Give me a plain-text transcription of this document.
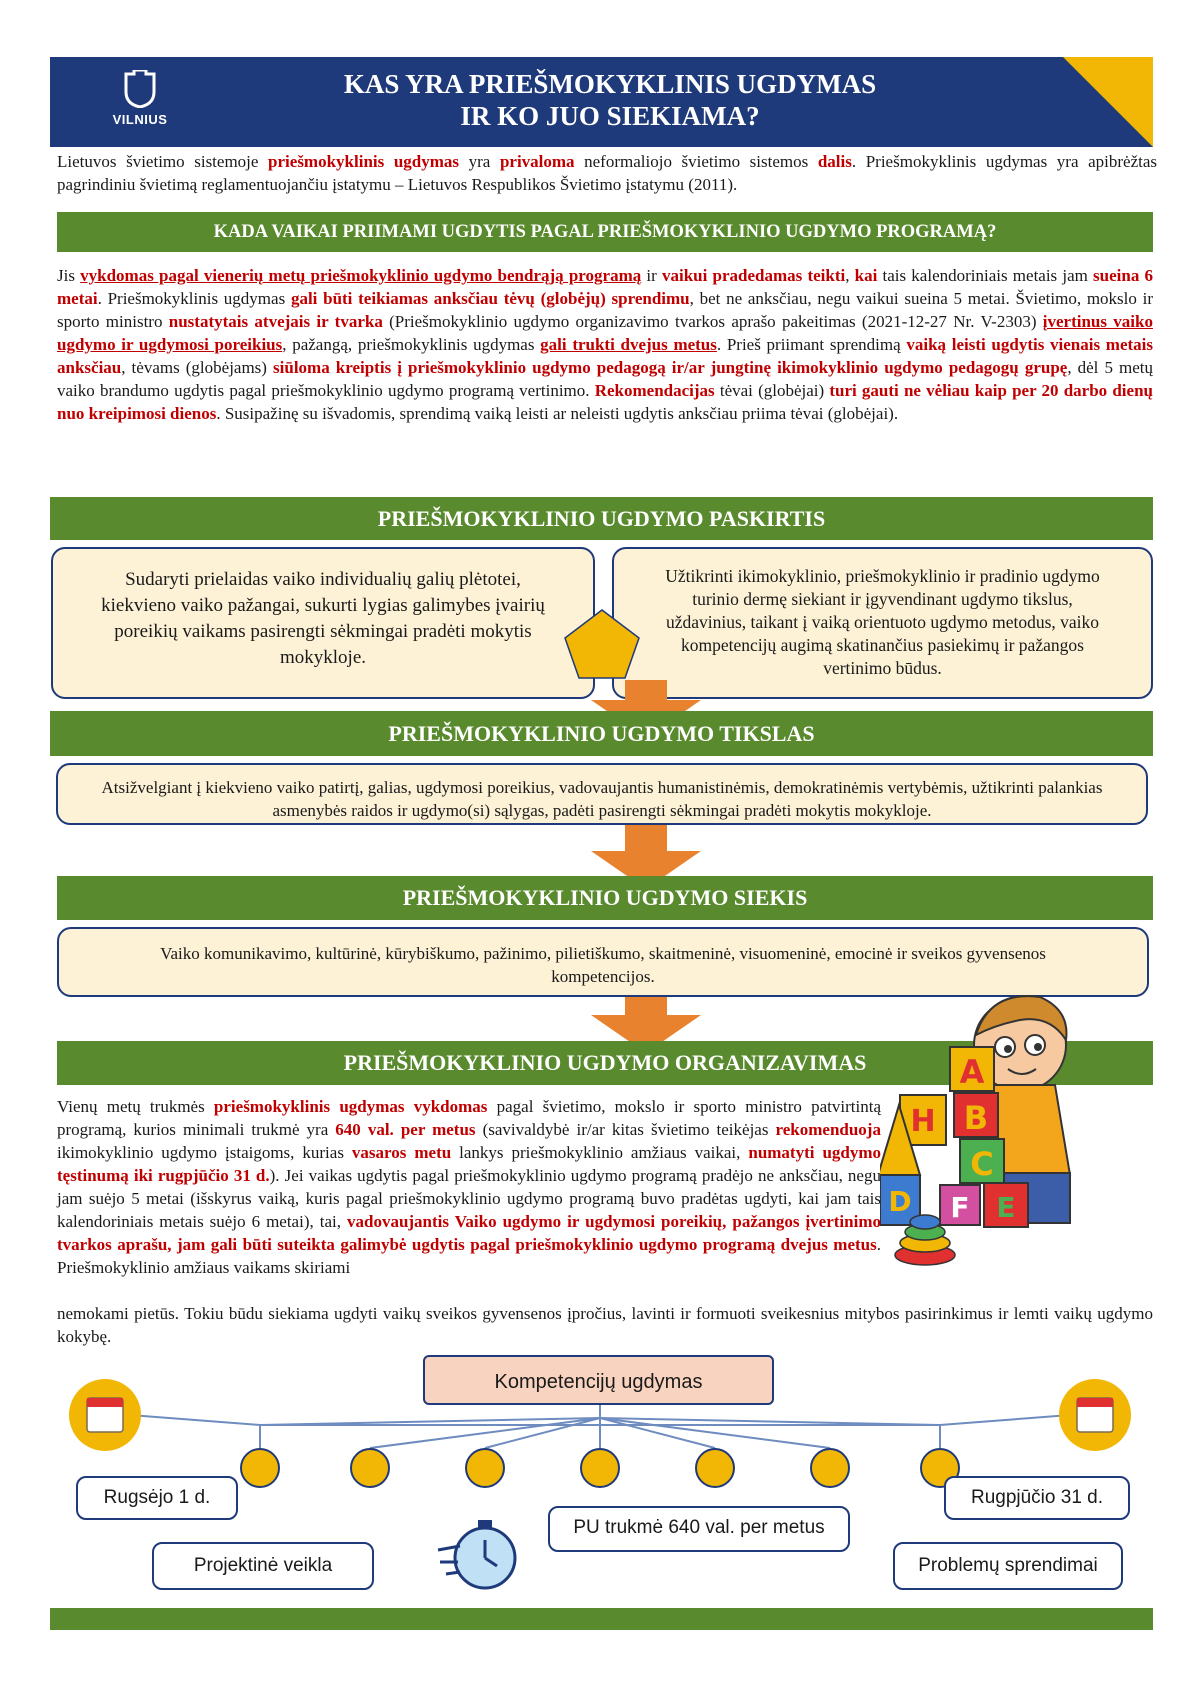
VILNIUS
KAS YRA PRIEŠMOKYKLINIS UGDYMAS
IR KO JUO SIEKIAMA?
Lietuvos švietimo sistemoje priešmokyklinis ugdymas yra privaloma neformaliojo švietimo sistemos dalis. Priešmokyklinis ugdymas yra apibrėžtas pagrindiniu švietimą reglamentuojančiu įstatymu – Lietuvos Respublikos Švietimo įstatymu (2011).
KADA VAIKAI PRIIMAMI UGDYTIS PAGAL PRIEŠMOKYKLINIO UGDYMO PROGRAMĄ?
Jis vykdomas pagal vienerių metų priešmokyklinio ugdymo bendrąją programą ir vaikui pradedamas teikti, kai tais kalendoriniais metais jam sueina 6 metai. Priešmokyklinis ugdymas gali būti teikiamas anksčiau tėvų (globėjų) sprendimu, bet ne anksčiau, negu vaikui sueina 5 metai. Švietimo, mokslo ir sporto ministro nustatytais atvejais ir tvarka (Priešmokyklinio ugdymo organizavimo tvarkos aprašo pakeitimas (2021-12-27 Nr. V-2303) įvertinus vaiko ugdymo ir ugdymosi poreikius, pažangą, priešmokyklinis ugdymas gali trukti dvejus metus. Prieš priimant sprendimą vaiką leisti ugdytis vienais metais anksčiau, tėvams (globėjams) siūloma kreiptis į priešmokyklinio ugdymo pedagogą ir/ar jungtinę ikimokyklinio ugdymo pedagogų grupę, dėl 5 metų vaiko brandumo ugdytis pagal priešmokyklinio ugdymo programą vertinimo. Rekomendacijas tėvai (globėjai) turi gauti ne vėliau kaip per 20 darbo dienų nuo kreipimosi dienos. Susipažinę su išvadomis, sprendimą vaiką leisti ar neleisti ugdytis anksčiau priima tėvai (globėjai).
PRIEŠMOKYKLINIO UGDYMO PASKIRTIS
Sudaryti prielaidas vaiko individualių galių plėtotei, kiekvieno vaiko pažangai, sukurti lygias galimybes įvairių poreikių vaikams pasirengti sėkmingai pradėti mokytis mokykloje.
Užtikrinti ikimokyklinio, priešmokyklinio ir pradinio ugdymo turinio dermę siekiant ir įgyvendinant ugdymo tikslus, uždavinius, taikant į vaiką orientuoto ugdymo metodus, vaiko kompetencijų augimą skatinančius pasiekimų ir pažangos vertinimo būdus.
PRIEŠMOKYKLINIO UGDYMO TIKSLAS
Atsižvelgiant į kiekvieno vaiko patirtį, galias, ugdymosi poreikius, vadovaujantis humanistinėmis, demokratinėmis vertybėmis, užtikrinti palankias asmenybės raidos ir ugdymo(si) sąlygas, padėti pasirengti sėkmingai pradėti mokytis mokykloje.
PRIEŠMOKYKLINIO UGDYMO SIEKIS
Vaiko komunikavimo, kultūrinė, kūrybiškumo, pažinimo, pilietiškumo, skaitmeninė, visuomeninė, emocinė ir sveikos gyvensenos kompetencijos.
PRIEŠMOKYKLINIO UGDYMO ORGANIZAVIMAS	A
B
C
F E
H
D
Vienų metų trukmės priešmokyklinis ugdymas vykdomas pagal švietimo, mokslo ir sporto ministro patvirtintą programą, kurios minimali trukmė yra 640 val. per metus (savivaldybė ir/ar kitas švietimo teikėjas rekomenduoja ikimokyklinio ugdymo įstaigoms, kurias vasaros metu lankys priešmokyklinio amžiaus vaikai, numatyti ugdymo tęstinumą iki rugpjūčio 31 d.). Jei vaikas ugdytis pagal priešmokyklinio ugdymo programą pradėjo ne anksčiau, negu jam suėjo 5 metai (išskyrus vaiką, kuris pagal priešmokyklinio ugdymo programą buvo pradėtas ugdyti, kai jam tais kalendoriniais metais suėjo 6 metai), tai, vadovaujantis Vaiko ugdymo ir ugdymosi poreikių, pažangos įvertinimo tvarkos aprašu, jam gali būti suteikta galimybė ugdytis pagal priešmokyklinio ugdymo programą dvejus metus. Priešmokyklinio amžiaus vaikams skiriami
nemokami pietūs. Tokiu būdu siekiama ugdyti vaikų sveikos gyvensenos įpročius, lavinti ir formuoti sveikesnius mitybos pasirinkimus ir lemti vaikų ugdymo kokybę.
Kompetencijų ugdymas
Rugsėjo 1 d.	Rugpjūčio 31 d.
PU trukmė 640 val. per metus
Projektinė veikla	Problemų sprendimai
